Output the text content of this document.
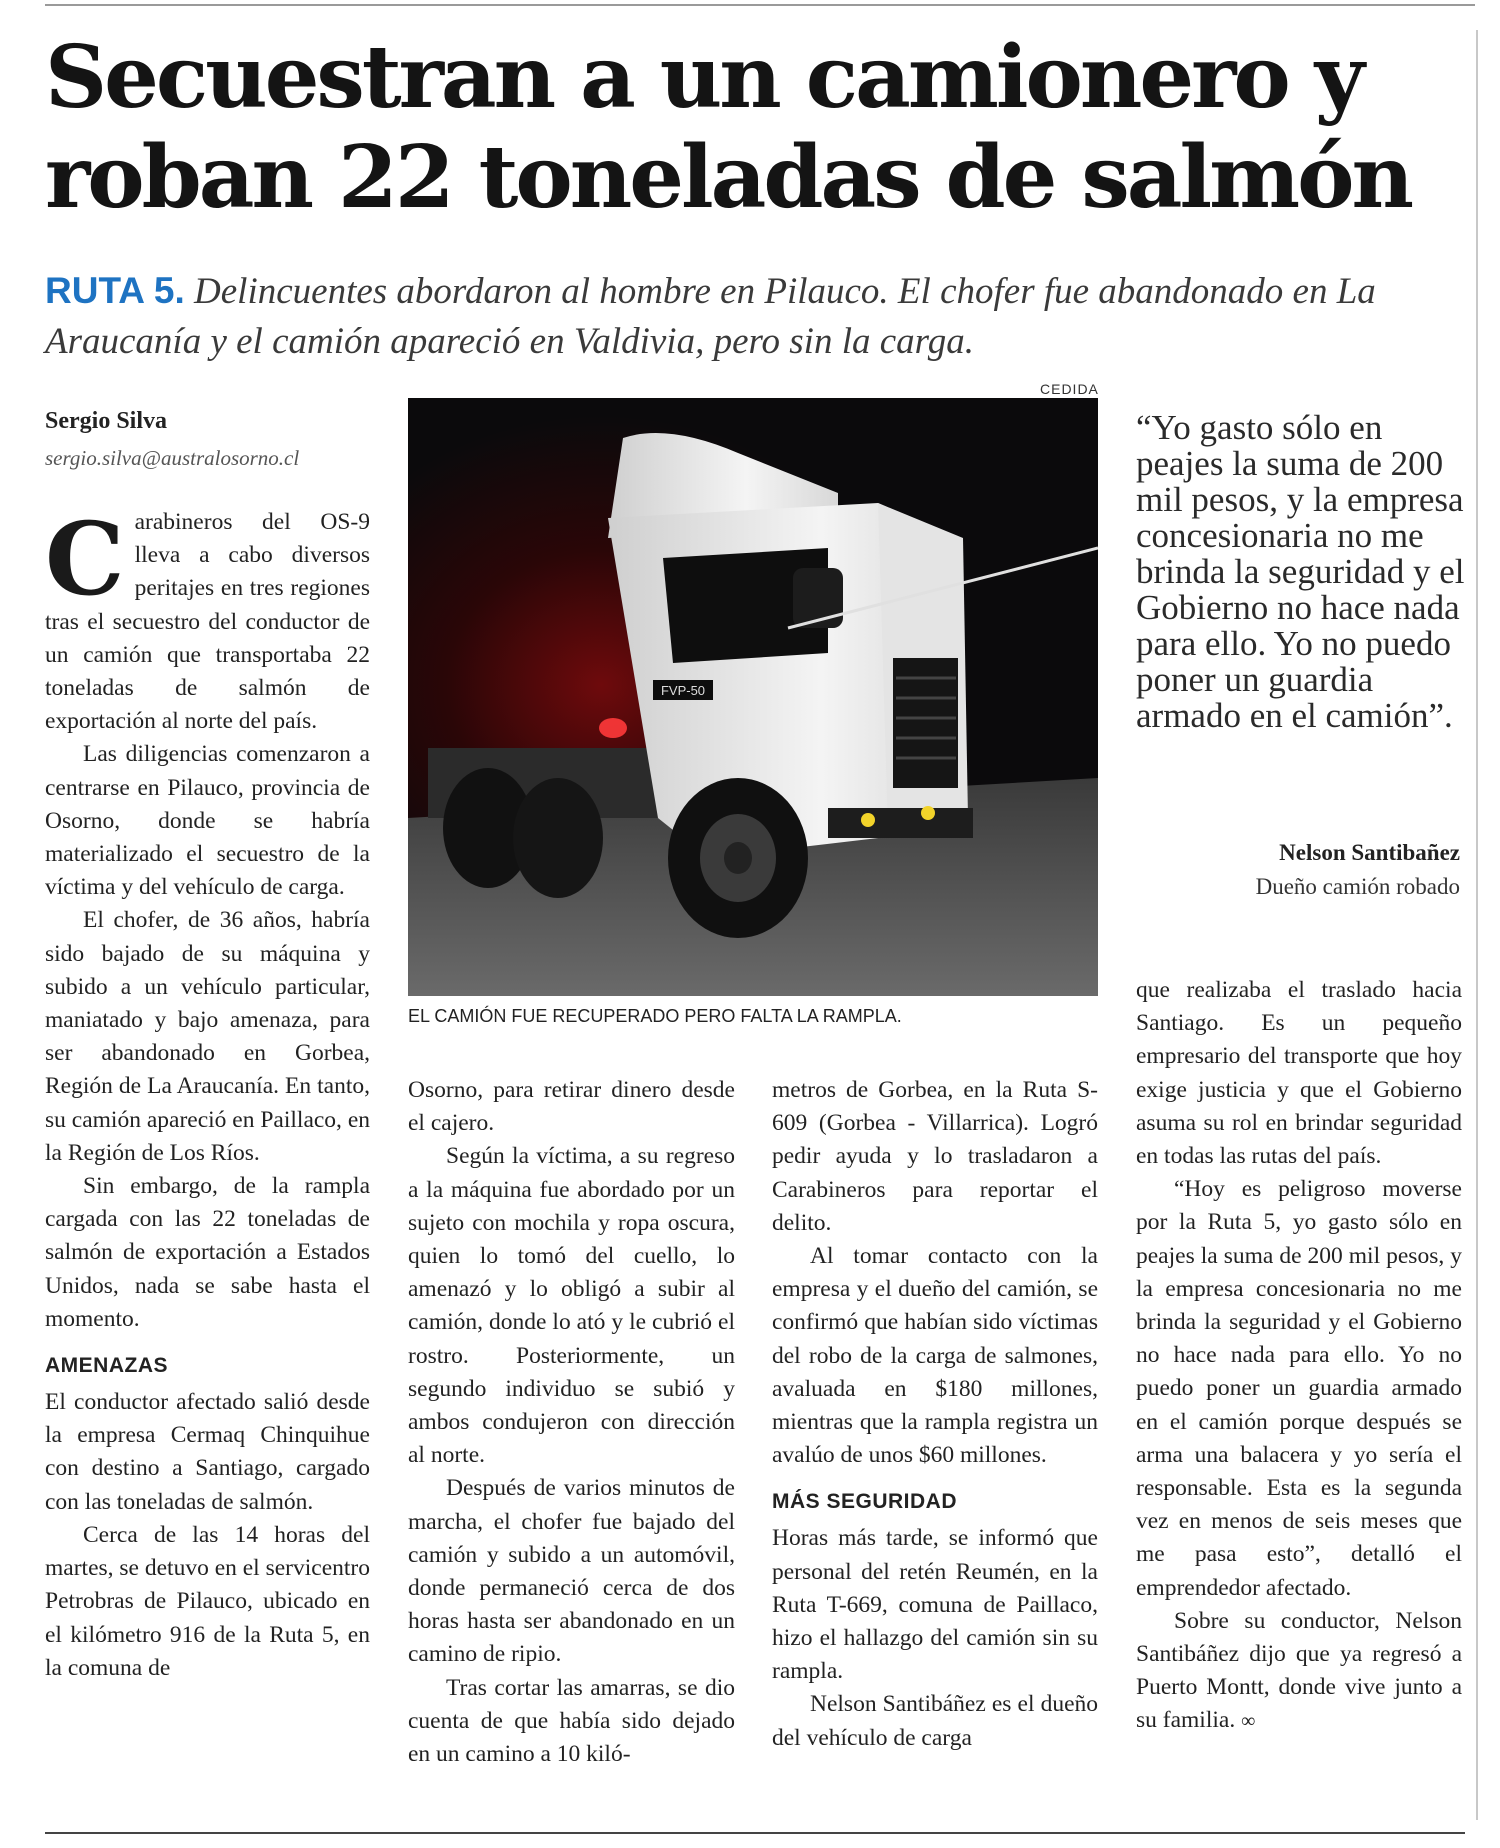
Secuestran a un camionero y
roban 22 toneladas de salmón

RUTA 5. Delincuentes abordaron al hombre en Pilauco. El chofer fue abandonado en La Araucanía y el camión apareció en Valdivia, pero sin la carga.

Sergio Silva
sergio.silva@australosorno.cl

Carabineros del OS-9 lleva a cabo diversos peritajes en tres regiones tras el secuestro del conductor de un camión que transportaba 22 toneladas de salmón de exportación al norte del país.

Las diligencias comenzaron a centrarse en Pilauco, provincia de Osorno, donde se habría materializado el secuestro de la víctima y del vehículo de carga.

El chofer, de 36 años, habría sido bajado de su máquina y subido a un vehículo particular, maniatado y bajo amenaza, para ser abandonado en Gorbea, Región de La Araucanía. En tanto, su camión apareció en Paillaco, en la Región de Los Ríos.

Sin embargo, de la rampla cargada con las 22 toneladas de salmón de exportación a Estados Unidos, nada se sabe hasta el momento.

AMENAZAS

El conductor afectado salió desde la empresa Cermaq Chinquihue con destino a Santiago, cargado con las toneladas de salmón.

Cerca de las 14 horas del martes, se detuvo en el servicentro Petrobras de Pilauco, ubicado en el kilómetro 916 de la Ruta 5, en la comuna de

CEDIDA
FVP-50
EL CAMIÓN FUE RECUPERADO PERO FALTA LA RAMPLA.

“Yo gasto sólo en peajes la suma de 200 mil pesos, y la empresa concesionaria no me brinda la seguridad y el Gobierno no hace nada para ello. Yo no puedo poner un guardia armado en el camión”.

Nelson Santibañez
Dueño camión robado

Osorno, para retirar dinero desde el cajero.

Según la víctima, a su regreso a la máquina fue abordado por un sujeto con mochila y ropa oscura, quien lo tomó del cuello, lo amenazó y lo obligó a subir al camión, donde lo ató y le cubrió el rostro. Posteriormente, un segundo individuo se subió y ambos condujeron con dirección al norte.

Después de varios minutos de marcha, el chofer fue bajado del camión y subido a un automóvil, donde permaneció cerca de dos horas hasta ser abandonado en un camino de ripio.

Tras cortar las amarras, se dio cuenta de que había sido dejado en un camino a 10 kiló-

metros de Gorbea, en la Ruta S-609 (Gorbea - Villarrica). Logró pedir ayuda y lo trasladaron a Carabineros para reportar el delito.

Al tomar contacto con la empresa y el dueño del camión, se confirmó que habían sido víctimas del robo de la carga de salmones, avaluada en $180 millones, mientras que la rampla registra un avalúo de unos $60 millones.

MÁS SEGURIDAD

Horas más tarde, se informó que personal del retén Reumén, en la Ruta T-669, comuna de Paillaco, hizo el hallazgo del camión sin su rampla.

Nelson Santibáñez es el dueño del vehículo de carga

que realizaba el traslado hacia Santiago. Es un pequeño empresario del transporte que hoy exige justicia y que el Gobierno asuma su rol en brindar seguridad en todas las rutas del país.

“Hoy es peligroso moverse por la Ruta 5, yo gasto sólo en peajes la suma de 200 mil pesos, y la empresa concesionaria no me brinda la seguridad y el Gobierno no hace nada para ello. Yo no puedo poner un guardia armado en el camión porque después se arma una balacera y yo sería el responsable. Esta es la segunda vez en menos de seis meses que me pasa esto”, detalló el emprendedor afectado.

Sobre su conductor, Nelson Santibáñez dijo que ya regresó a Puerto Montt, donde vive junto a su familia. ∞
